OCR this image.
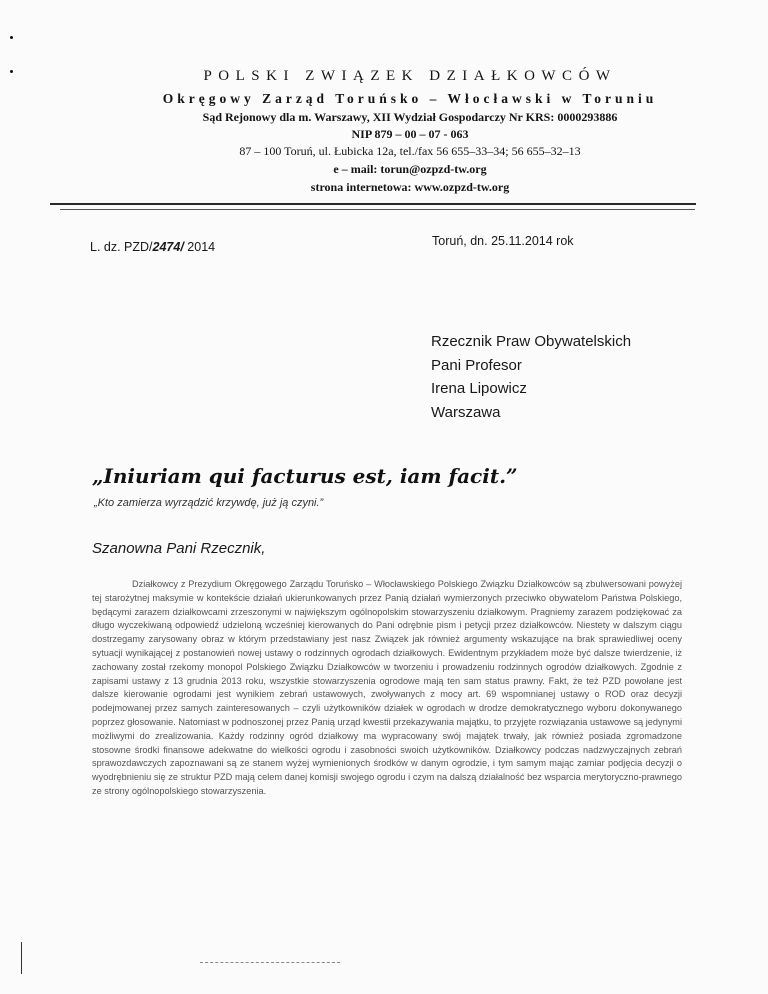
POLSKI ZWIĄZEK DZIAŁKOWCÓW
Okręgowy Zarząd Toruńsko – Włocławski w Toruniu
Sąd Rejonowy dla m. Warszawy, XII Wydział Gospodarczy Nr KRS: 0000293886
NIP 879 – 00 – 07 - 063
87 – 100 Toruń, ul. Łubicka 12a, tel./fax 56 655–33–34; 56 655–32–13
e – mail: torun@ozpzd-tw.org
strona internetowa: www.ozpzd-tw.org
L. dz. PZD/2474/ 2014	Toruń, dn. 25.11.2014 rok
Rzecznik Praw Obywatelskich
Pani Profesor
Irena Lipowicz
Warszawa
„Iniuriam qui facturus est, iam facit.”
„Kto zamierza wyrządzić krzywdę, już ją czyni.”
Szanowna Pani Rzecznik,
Działkowcy z Prezydium Okręgowego Zarządu Toruńsko – Włocławskiego Polskiego Związku Działkowców są zbulwersowani powyżej tej starożytnej maksymie w kontekście działań ukierunkowanych przez Panią działań wymierzonych przeciwko obywatelom Państwa Polskiego, będącymi zarazem działkowcami zrzeszonymi w największym ogólnopolskim stowarzyszeniu działkowym. Pragniemy zarazem podziękować za długo wyczekiwaną odpowiedź udzieloną wcześniej kierowanych do Pani odrębnie pism i petycji przez działkowców. Niestety w dalszym ciągu dostrzegamy zarysowany obraz w którym przedstawiany jest nasz Związek jak również argumenty wskazujące na brak sprawiedliwej oceny sytuacji wynikającej z postanowień nowej ustawy o rodzinnych ogrodach działkowych. Ewidentnym przykładem może być dalsze twierdzenie, iż zachowany został rzekomy monopol Polskiego Związku Działkowców w tworzeniu i prowadzeniu rodzinnych ogrodów działkowych. Zgodnie z zapisami ustawy z 13 grudnia 2013 roku, wszystkie stowarzyszenia ogrodowe mają ten sam status prawny. Fakt, że też PZD powołane jest dalsze kierowanie ogrodami jest wynikiem zebrań ustawowych, zwoływanych z mocy art. 69 wspomnianej ustawy o ROD oraz decyzji podejmowanej przez samych zainteresowanych – czyli użytkowników działek w ogrodach w drodze demokratycznego wyboru dokonywanego poprzez głosowanie. Natomiast w podnoszonej przez Panią urząd kwestii przekazywania majątku, to przyjęte rozwiązania ustawowe są jedynymi możliwymi do zrealizowania. Każdy rodzinny ogród działkowy ma wypracowany swój majątek trwały, jak również posiada zgromadzone stosowne środki finansowe adekwatne do wielkości ogrodu i zasobności swoich użytkowników. Działkowcy podczas nadzwyczajnych zebrań sprawozdawczych zapoznawani są ze stanem wyżej wymienionych środków w danym ogrodzie, i tym samym mając zamiar podjęcia decyzji o wyodrębnieniu się ze struktur PZD mają celem danej komisji swojego ogrodu i czym na dalszą działalność bez wsparcia merytoryczno-prawnego ze strony ogólnopolskiego stowarzyszenia.
